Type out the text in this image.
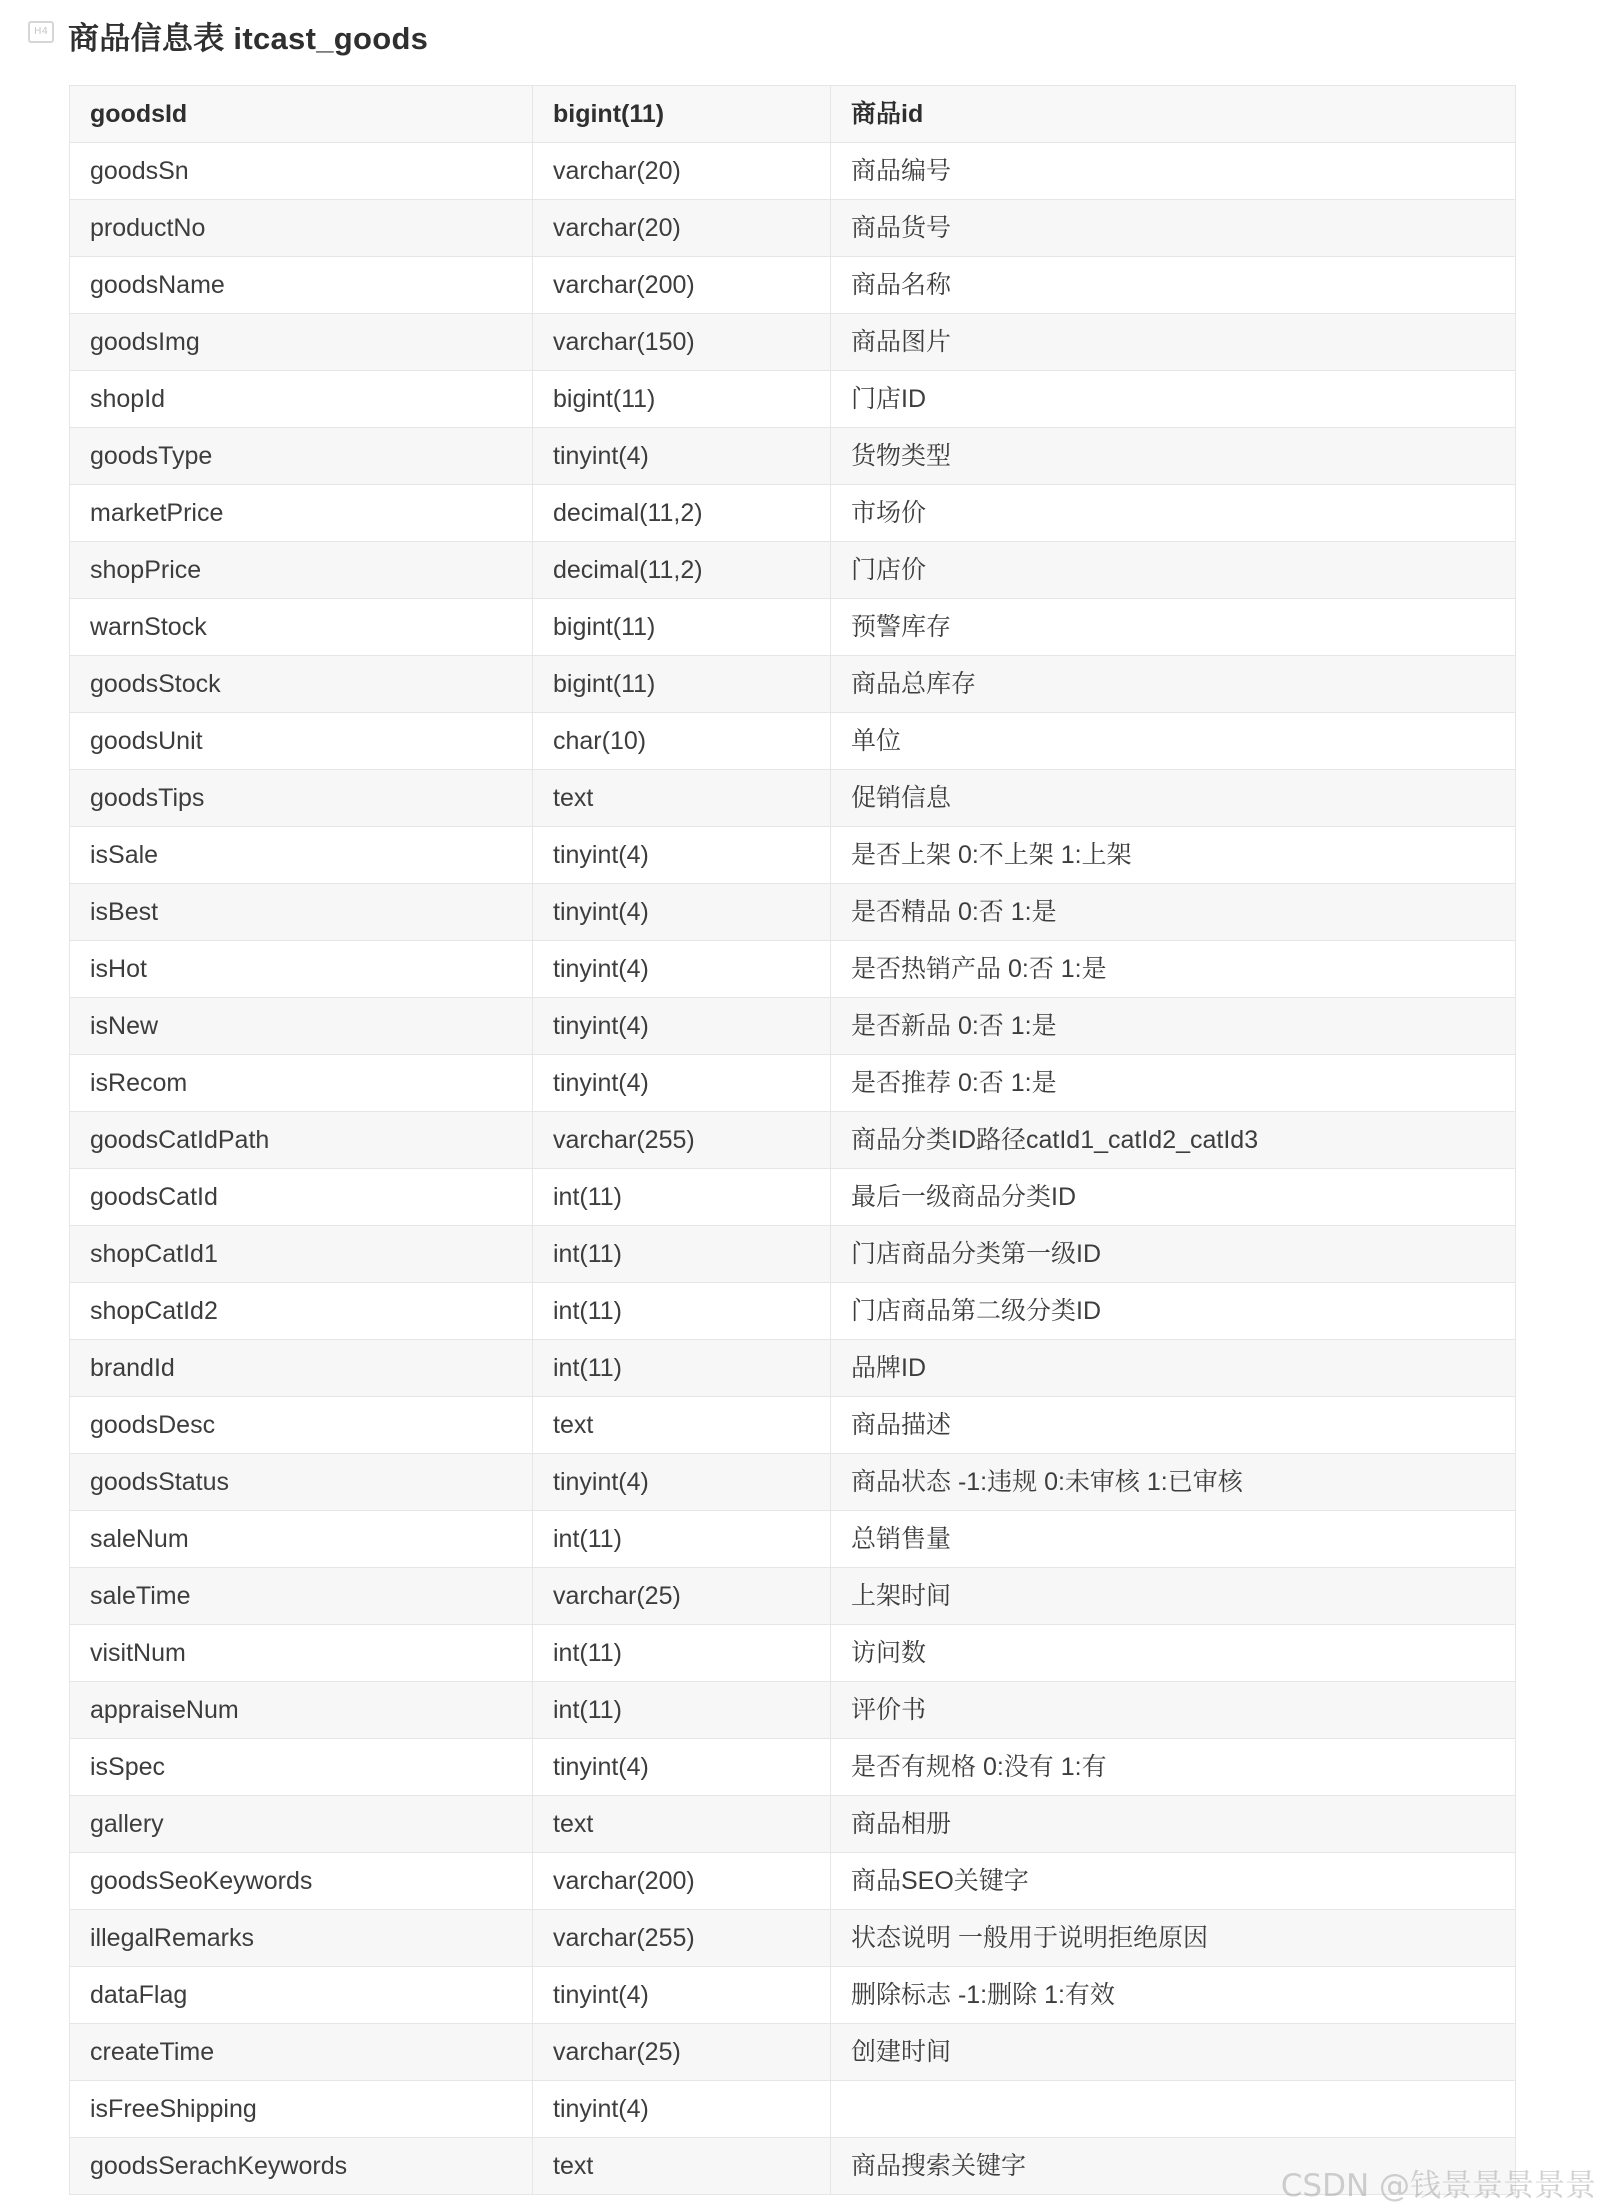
H4 商品信息表 itcast_goods
goodsId	bigint(11)	商品id
goodsSn	varchar(20)	商品编号
productNo	varchar(20)	商品货号
goodsName	varchar(200)	商品名称
goodsImg	varchar(150)	商品图片
shopId	bigint(11)	门店ID
goodsType	tinyint(4)	货物类型
marketPrice	decimal(11,2)	市场价
shopPrice	decimal(11,2)	门店价
warnStock	bigint(11)	预警库存
goodsStock	bigint(11)	商品总库存
goodsUnit	char(10)	单位
goodsTips	text	促销信息
isSale	tinyint(4)	是否上架 0:不上架 1:上架
isBest	tinyint(4)	是否精品 0:否 1:是
isHot	tinyint(4)	是否热销产品 0:否 1:是
isNew	tinyint(4)	是否新品 0:否 1:是
isRecom	tinyint(4)	是否推荐 0:否 1:是
goodsCatIdPath	varchar(255)	商品分类ID路径catId1_catId2_catId3
goodsCatId	int(11)	最后一级商品分类ID
shopCatId1	int(11)	门店商品分类第一级ID
shopCatId2	int(11)	门店商品第二级分类ID
brandId	int(11)	品牌ID
goodsDesc	text	商品描述
goodsStatus	tinyint(4)	商品状态 -1:违规 0:未审核 1:已审核
saleNum	int(11)	总销售量
saleTime	varchar(25)	上架时间
visitNum	int(11)	访问数
appraiseNum	int(11)	评价书
isSpec	tinyint(4)	是否有规格 0:没有 1:有
gallery	text	商品相册
goodsSeoKeywords	varchar(200)	商品SEO关键字
illegalRemarks	varchar(255)	状态说明 一般用于说明拒绝原因
dataFlag	tinyint(4)	删除标志 -1:删除 1:有效
createTime	varchar(25)	创建时间
isFreeShipping	tinyint(4)	
goodsSerachKeywords	text	商品搜索关键字
CSDN @钱景景景景景
